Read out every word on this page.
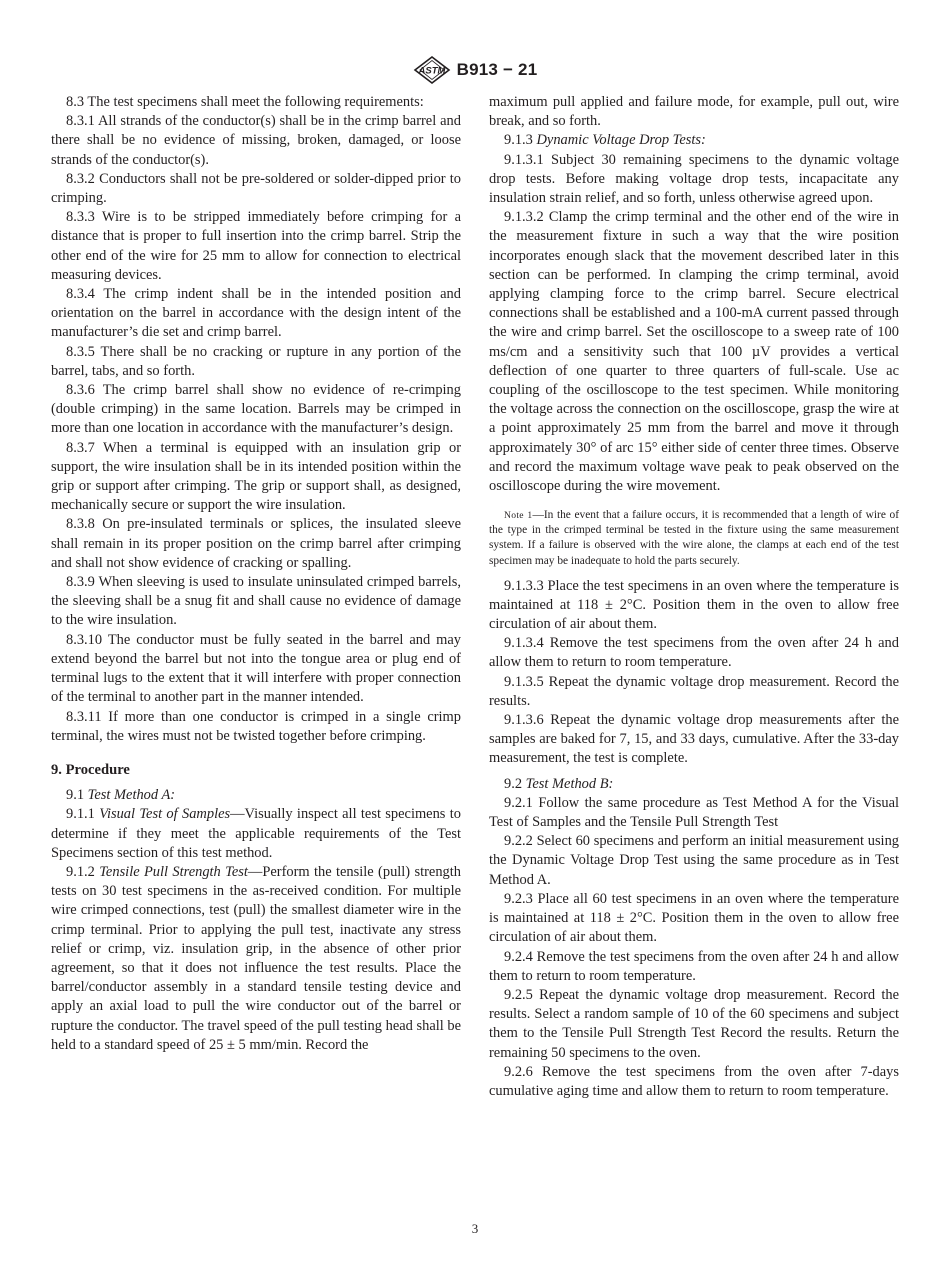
ASTM B913 − 21

8.3 The test specimens shall meet the following requirements:

8.3.1 All strands of the conductor(s) shall be in the crimp barrel and there shall be no evidence of missing, broken, damaged, or loose strands of the conductor(s).

8.3.2 Conductors shall not be pre-soldered or solder-dipped prior to crimping.

8.3.3 Wire is to be stripped immediately before crimping for a distance that is proper to full insertion into the crimp barrel. Strip the other end of the wire for 25 mm to allow for connection to electrical measuring devices.

8.3.4 The crimp indent shall be in the intended position and orientation on the barrel in accordance with the design intent of the manufacturer’s die set and crimp barrel.

8.3.5 There shall be no cracking or rupture in any portion of the barrel, tabs, and so forth.

8.3.6 The crimp barrel shall show no evidence of re-crimping (double crimping) in the same location. Barrels may be crimped in more than one location in accordance with the manufacturer’s design.

8.3.7 When a terminal is equipped with an insulation grip or support, the wire insulation shall be in its intended position within the grip or support after crimping. The grip or support shall, as designed, mechanically secure or support the wire insulation.

8.3.8 On pre-insulated terminals or splices, the insulated sleeve shall remain in its proper position on the crimp barrel after crimping and shall not show evidence of cracking or spalling.

8.3.9 When sleeving is used to insulate uninsulated crimped barrels, the sleeving shall be a snug fit and shall cause no evidence of damage to the wire insulation.

8.3.10 The conductor must be fully seated in the barrel and may extend beyond the barrel but not into the tongue area or plug end of terminal lugs to the extent that it will interfere with proper connection of the terminal to another part in the manner intended.

8.3.11 If more than one conductor is crimped in a single crimp terminal, the wires must not be twisted together before crimping.

9. Procedure

9.1 Test Method A:

9.1.1 Visual Test of Samples—Visually inspect all test specimens to determine if they meet the applicable requirements of the Test Specimens section of this test method.

9.1.2 Tensile Pull Strength Test—Perform the tensile (pull) strength tests on 30 test specimens in the as-received condition. For multiple wire crimped connections, test (pull) the smallest diameter wire in the crimp terminal. Prior to applying the pull test, inactivate any stress relief or crimp, viz. insulation grip, in the absence of other prior agreement, so that it does not influence the test results. Place the barrel/conductor assembly in a standard tensile testing device and apply an axial load to pull the wire conductor out of the barrel or rupture the conductor. The travel speed of the pull testing head shall be held to a standard speed of 25 ± 5 mm/min. Record the

maximum pull applied and failure mode, for example, pull out, wire break, and so forth.

9.1.3 Dynamic Voltage Drop Tests:

9.1.3.1 Subject 30 remaining specimens to the dynamic voltage drop tests. Before making voltage drop tests, incapacitate any insulation strain relief, and so forth, unless otherwise agreed upon.

9.1.3.2 Clamp the crimp terminal and the other end of the wire in the measurement fixture in such a way that the wire position incorporates enough slack that the movement described later in this section can be performed. In clamping the crimp terminal, avoid applying clamping force to the crimp barrel. Secure electrical connections shall be established and a 100-mA current passed through the wire and crimp barrel. Set the oscilloscope to a sweep rate of 100 ms/cm and a sensitivity such that 100 µV provides a vertical deflection of one quarter to three quarters of full-scale. Use ac coupling of the oscilloscope to the test specimen. While monitoring the voltage across the connection on the oscilloscope, grasp the wire at a point approximately 25 mm from the barrel and move it through approximately 30° of arc 15° either side of center three times. Observe and record the maximum voltage wave peak to peak observed on the oscilloscope during the wire movement.

Note 1—In the event that a failure occurs, it is recommended that a length of wire of the type in the crimped terminal be tested in the fixture using the same measurement system. If a failure is observed with the wire alone, the clamps at each end of the test specimen may be inadequate to hold the parts securely.

9.1.3.3 Place the test specimens in an oven where the temperature is maintained at 118 ± 2°C. Position them in the oven to allow free circulation of air about them.

9.1.3.4 Remove the test specimens from the oven after 24 h and allow them to return to room temperature.

9.1.3.5 Repeat the dynamic voltage drop measurement. Record the results.

9.1.3.6 Repeat the dynamic voltage drop measurements after the samples are baked for 7, 15, and 33 days, cumulative. After the 33-day measurement, the test is complete.

9.2 Test Method B:

9.2.1 Follow the same procedure as Test Method A for the Visual Test of Samples and the Tensile Pull Strength Test

9.2.2 Select 60 specimens and perform an initial measurement using the Dynamic Voltage Drop Test using the same procedure as in Test Method A.

9.2.3 Place all 60 test specimens in an oven where the temperature is maintained at 118 ± 2°C. Position them in the oven to allow free circulation of air about them.

9.2.4 Remove the test specimens from the oven after 24 h and allow them to return to room temperature.

9.2.5 Repeat the dynamic voltage drop measurement. Record the results. Select a random sample of 10 of the 60 specimens and subject them to the Tensile Pull Strength Test Record the results. Return the remaining 50 specimens to the oven.

9.2.6 Remove the test specimens from the oven after 7-days cumulative aging time and allow them to return to room temperature.

3
